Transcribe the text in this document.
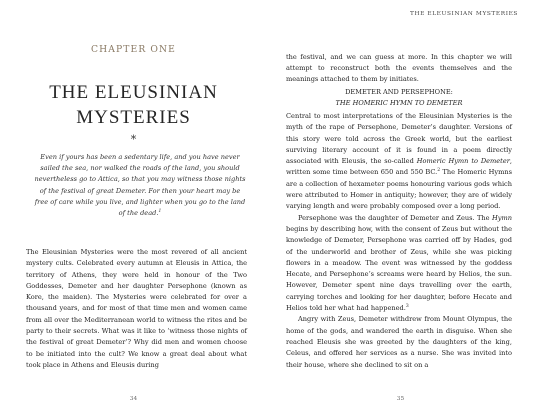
CHAPTER ONE
THE ELEUSINIAN
MYSTERIES
*
Even if yours has been a sedentary life, and you have never sailed the sea, nor walked the roads of the land, you should nevertheless go to Attica, so that you may witness those nights of the festival of great Demeter. For then your heart may be free of care while you live, and lighter when you go to the land of the dead.$^1$

The Eleusinian Mysteries were the most revered of all ancient mystery cults. Celebrated every autumn at Eleusis in Attica, the territory of Athens, they were held in honour of the Two Goddesses, Demeter and her daughter Persephone (known as Kore, the maiden). The Mysteries were celebrated for over a thousand years, and for most of that time men and women came from all over the Mediterranean world to witness the rites and be party to their secrets. What was it like to ‘witness those nights of the festival of great Demeter’? Why did men and women choose to be initiated into the cult? We know a great deal about what took place in Athens and Eleusis during

34
THE ELEUSINIAN MYSTERIES

the festival, and we can guess at more. In this chapter we will attempt to reconstruct both the events themselves and the meanings attached to them by initiates.

DEMETER AND PERSEPHONE:
THE HOMERIC HYMN TO DEMETER

Central to most interpretations of the Eleusinian Mysteries is the myth of the rape of Persephone, Demeter’s daughter. Versions of this story were told across the Greek world, but the earliest surviving literary account of it is found in a poem directly associated with Eleusis, the so-called Homeric Hymn to Demeter, written some time between 650 and 550 BC.$^2$ The Homeric Hymns are a collection of hexameter poems honouring various gods which were attributed to Homer in antiquity; however, they are of widely varying length and were probably composed over a long period.

Persephone was the daughter of Demeter and Zeus. The Hymn begins by describing how, with the consent of Zeus but without the knowledge of Demeter, Persephone was carried off by Hades, god of the underworld and brother of Zeus, while she was picking flowers in a meadow. The event was witnessed by the goddess Hecate, and Persephone’s screams were heard by Helios, the sun. However, Demeter spent nine days travelling over the earth, carrying torches and looking for her daughter, before Hecate and Helios told her what had happened.$^3$

Angry with Zeus, Demeter withdrew from Mount Olympus, the home of the gods, and wandered the earth in disguise. When she reached Eleusis she was greeted by the daughters of the king, Celeus, and offered her services as a nurse. She was invited into their house, where she declined to sit on a

35
